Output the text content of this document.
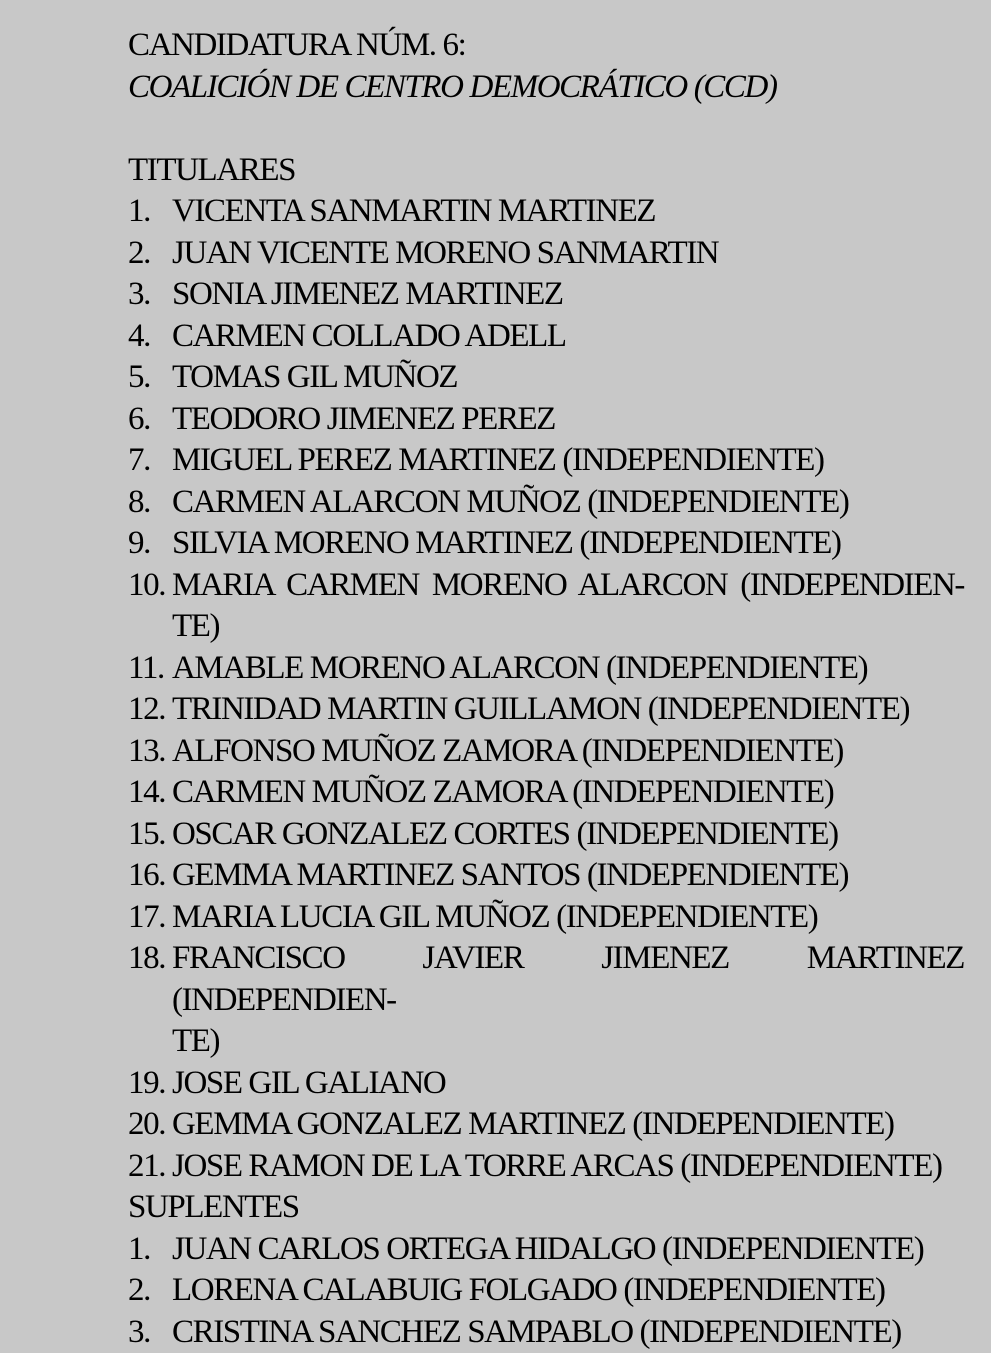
CANDIDATURA NÚM. 6:
COALICIÓN DE CENTRO DEMOCRÁTICO (CCD)
TITULARES
1. VICENTA SANMARTIN MARTINEZ
2. JUAN VICENTE MORENO SANMARTIN
3. SONIA JIMENEZ MARTINEZ
4. CARMEN COLLADO ADELL
5. TOMAS GIL MUÑOZ
6. TEODORO JIMENEZ PEREZ
7. MIGUEL PEREZ MARTINEZ (INDEPENDIENTE)
8. CARMEN ALARCON MUÑOZ (INDEPENDIENTE)
9. SILVIA MORENO MARTINEZ (INDEPENDIENTE)
10. MARIA CARMEN MORENO ALARCON (INDEPENDIEN-
TE)
11. AMABLE MORENO ALARCON (INDEPENDIENTE)
12. TRINIDAD MARTIN GUILLAMON (INDEPENDIENTE)
13. ALFONSO MUÑOZ ZAMORA (INDEPENDIENTE)
14. CARMEN MUÑOZ ZAMORA (INDEPENDIENTE)
15. OSCAR GONZALEZ CORTES (INDEPENDIENTE)
16. GEMMA MARTINEZ SANTOS (INDEPENDIENTE)
17. MARIA LUCIA GIL MUÑOZ (INDEPENDIENTE)
18. FRANCISCO JAVIER JIMENEZ MARTINEZ (INDEPENDIEN-
TE)
19. JOSE GIL GALIANO
20. GEMMA GONZALEZ MARTINEZ (INDEPENDIENTE)
21. JOSE RAMON DE LA TORRE ARCAS (INDEPENDIENTE)
SUPLENTES
1. JUAN CARLOS ORTEGA HIDALGO (INDEPENDIENTE)
2. LORENA CALABUIG FOLGADO (INDEPENDIENTE)
3. CRISTINA SANCHEZ SAMPABLO (INDEPENDIENTE)
